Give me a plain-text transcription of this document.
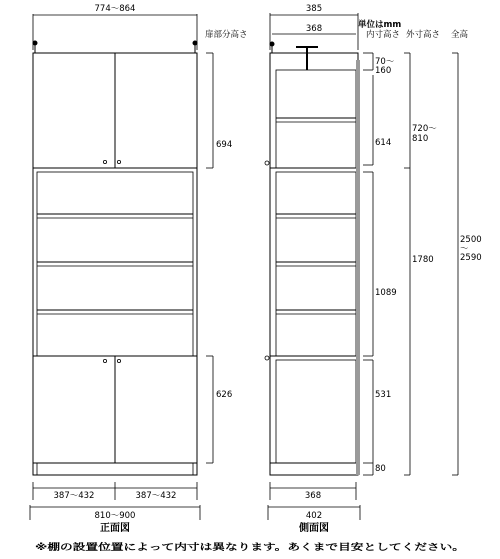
774〜864
扉部分高さ
694
626
387〜432	387〜432
810〜900
正面図
単位はmm
内寸高さ 外寸高さ 全高
385
368
70〜
160
614
1089
531
80
720〜
810
1780
2500
〜
2590
368
402
側面図
※棚の設置位置によって内寸は異なります。あくまで目安としてください。
